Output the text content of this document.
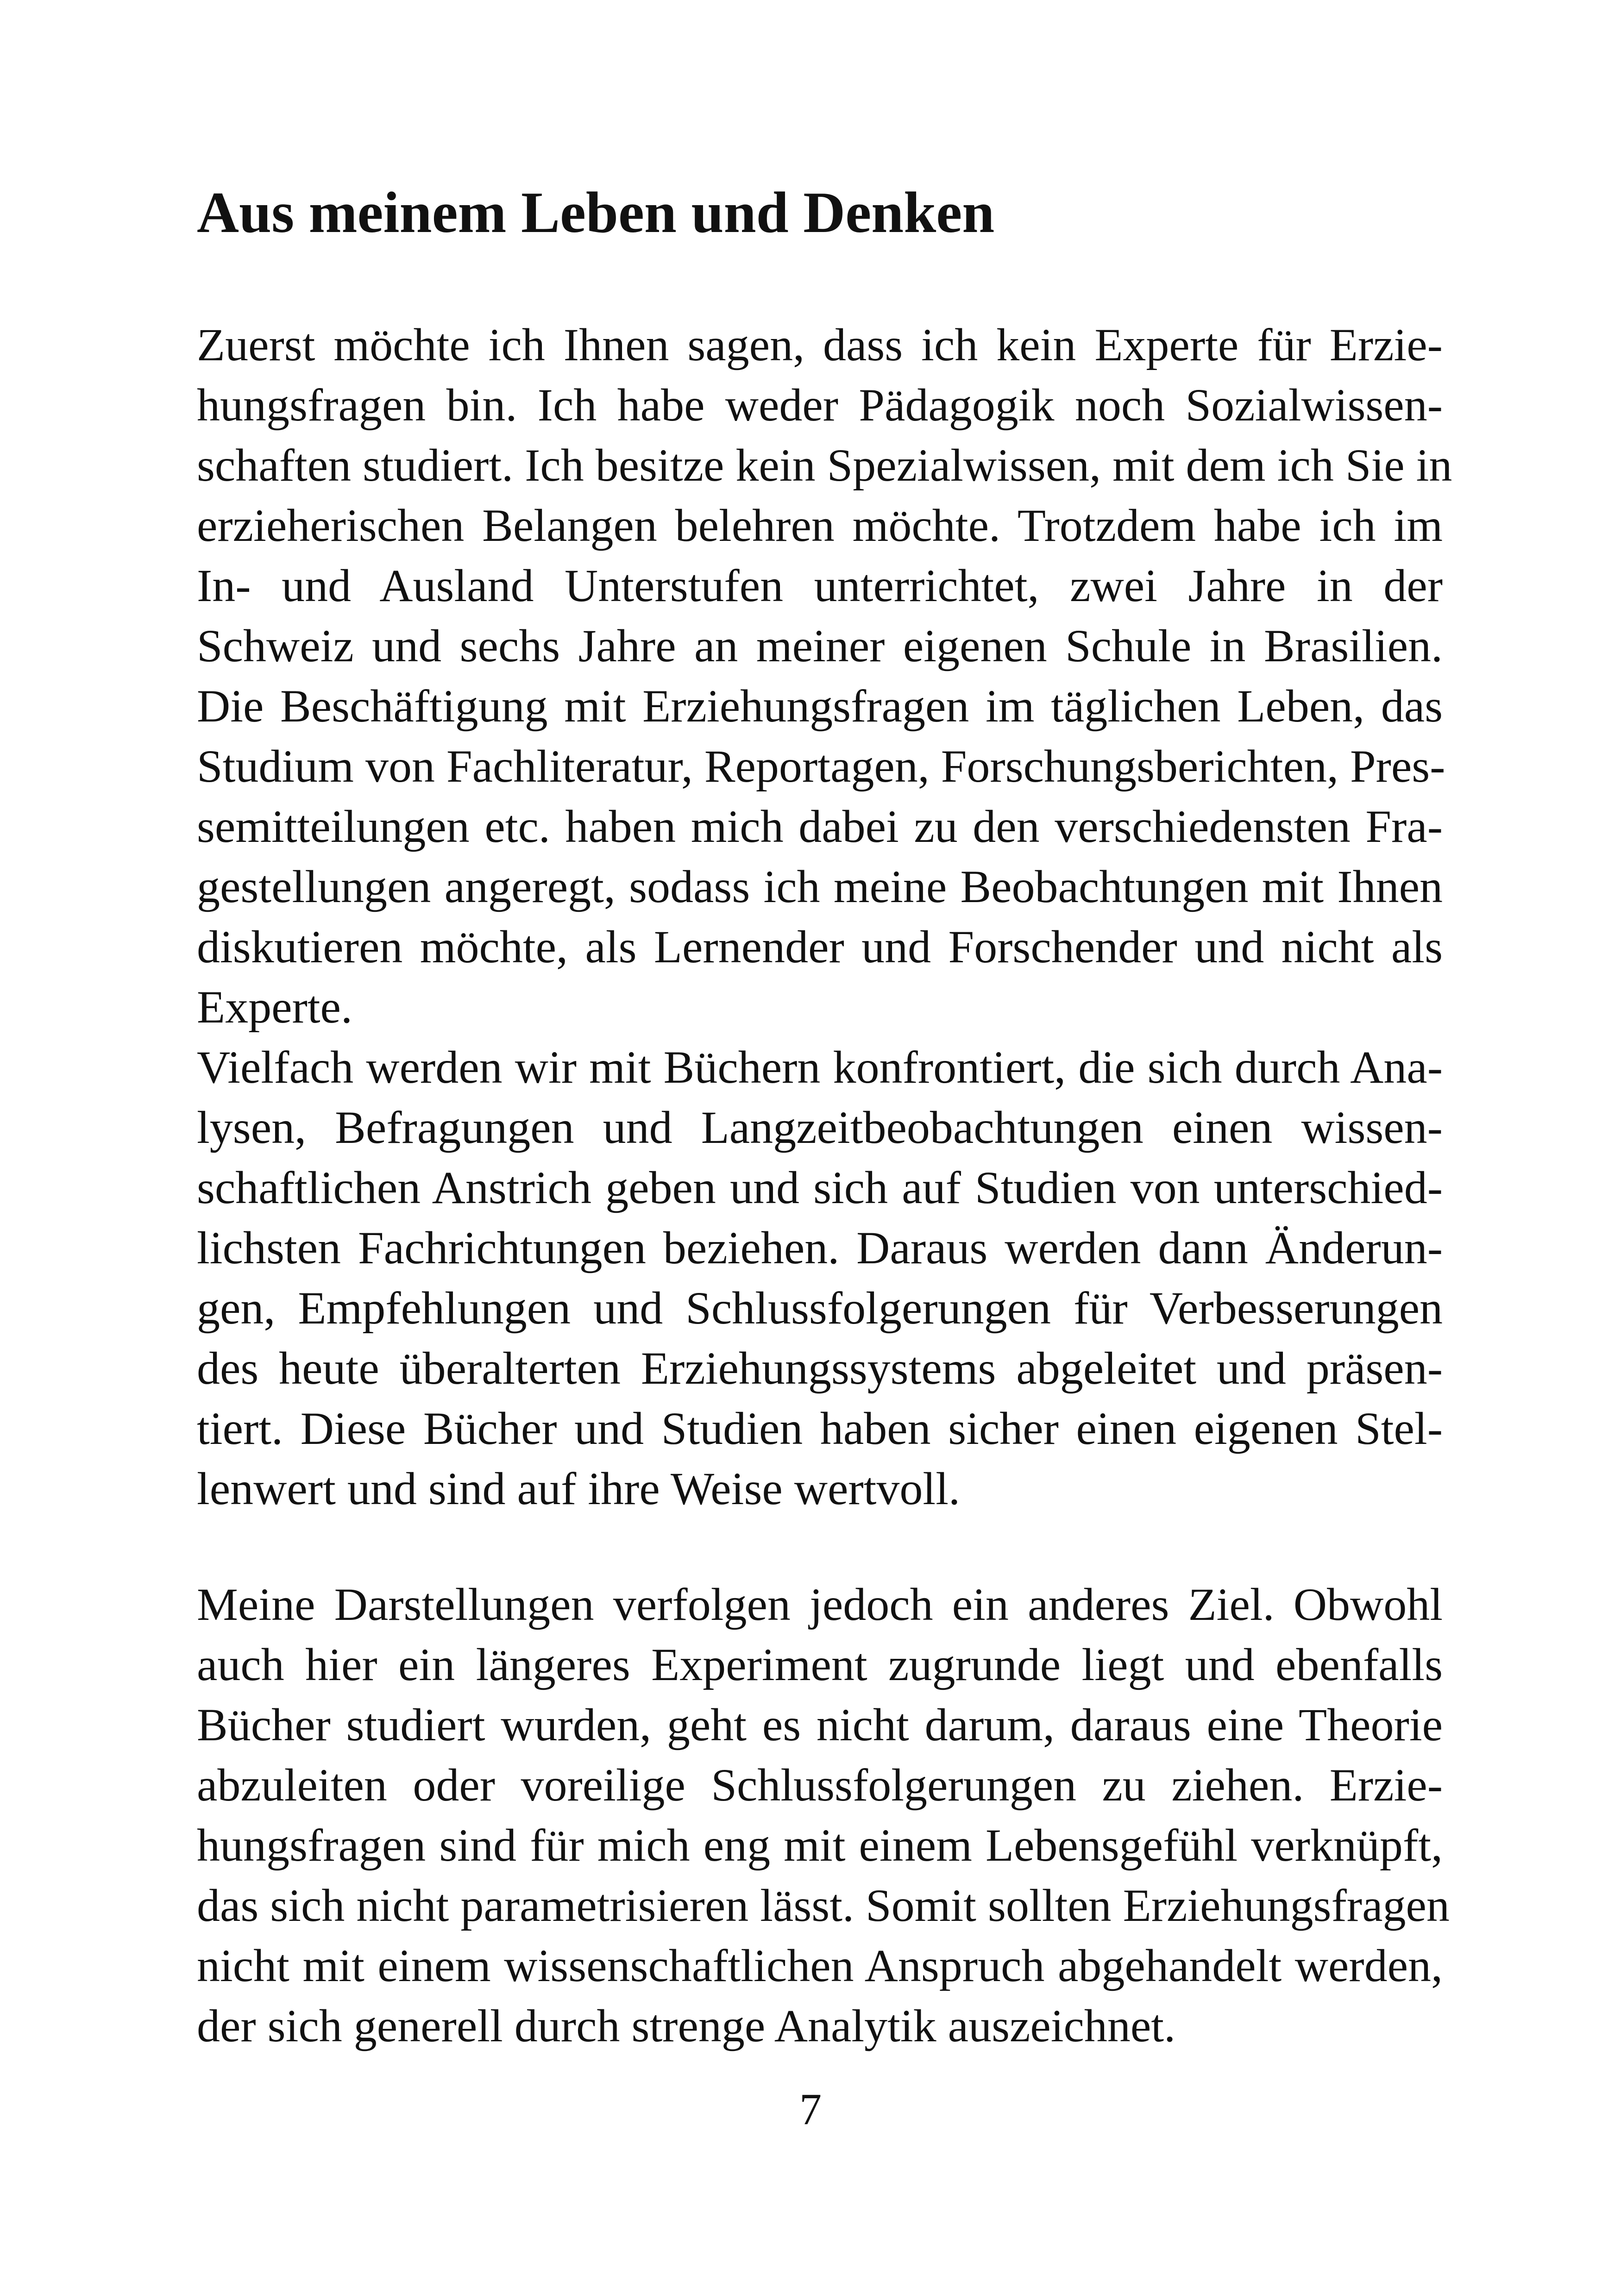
Aus meinem Leben und Denken
Zuerst möchte ich Ihnen sagen, dass ich kein Experte für Erzie-
hungsfragen bin. Ich habe weder Pädagogik noch Sozialwissen-
schaften studiert. Ich besitze kein Spezialwissen, mit dem ich Sie in
erzieherischen Belangen belehren möchte. Trotzdem habe ich im
In- und Ausland Unterstufen unterrichtet, zwei Jahre in der
Schweiz und sechs Jahre an meiner eigenen Schule in Brasilien.
Die Beschäftigung mit Erziehungsfragen im täglichen Leben, das
Studium von Fachliteratur, Reportagen, Forschungsberichten, Pres-
semitteilungen etc. haben mich dabei zu den verschiedensten Fra-
gestellungen angeregt, sodass ich meine Beobachtungen mit Ihnen
diskutieren möchte, als Lernender und Forschender und nicht als
Experte.
Vielfach werden wir mit Büchern konfrontiert, die sich durch Ana-
lysen, Befragungen und Langzeitbeobachtungen einen wissen-
schaftlichen Anstrich geben und sich auf Studien von unterschied-
lichsten Fachrichtungen beziehen. Daraus werden dann Änderun-
gen, Empfehlungen und Schlussfolgerungen für Verbesserungen
des heute überalterten Erziehungssystems abgeleitet und präsen-
tiert. Diese Bücher und Studien haben sicher einen eigenen Stel-
lenwert und sind auf ihre Weise wertvoll.
Meine Darstellungen verfolgen jedoch ein anderes Ziel. Obwohl
auch hier ein längeres Experiment zugrunde liegt und ebenfalls
Bücher studiert wurden, geht es nicht darum, daraus eine Theorie
abzuleiten oder voreilige Schlussfolgerungen zu ziehen. Erzie-
hungsfragen sind für mich eng mit einem Lebensgefühl verknüpft,
das sich nicht parametrisieren lässt. Somit sollten Erziehungsfragen
nicht mit einem wissenschaftlichen Anspruch abgehandelt werden,
der sich generell durch strenge Analytik auszeichnet.
7
